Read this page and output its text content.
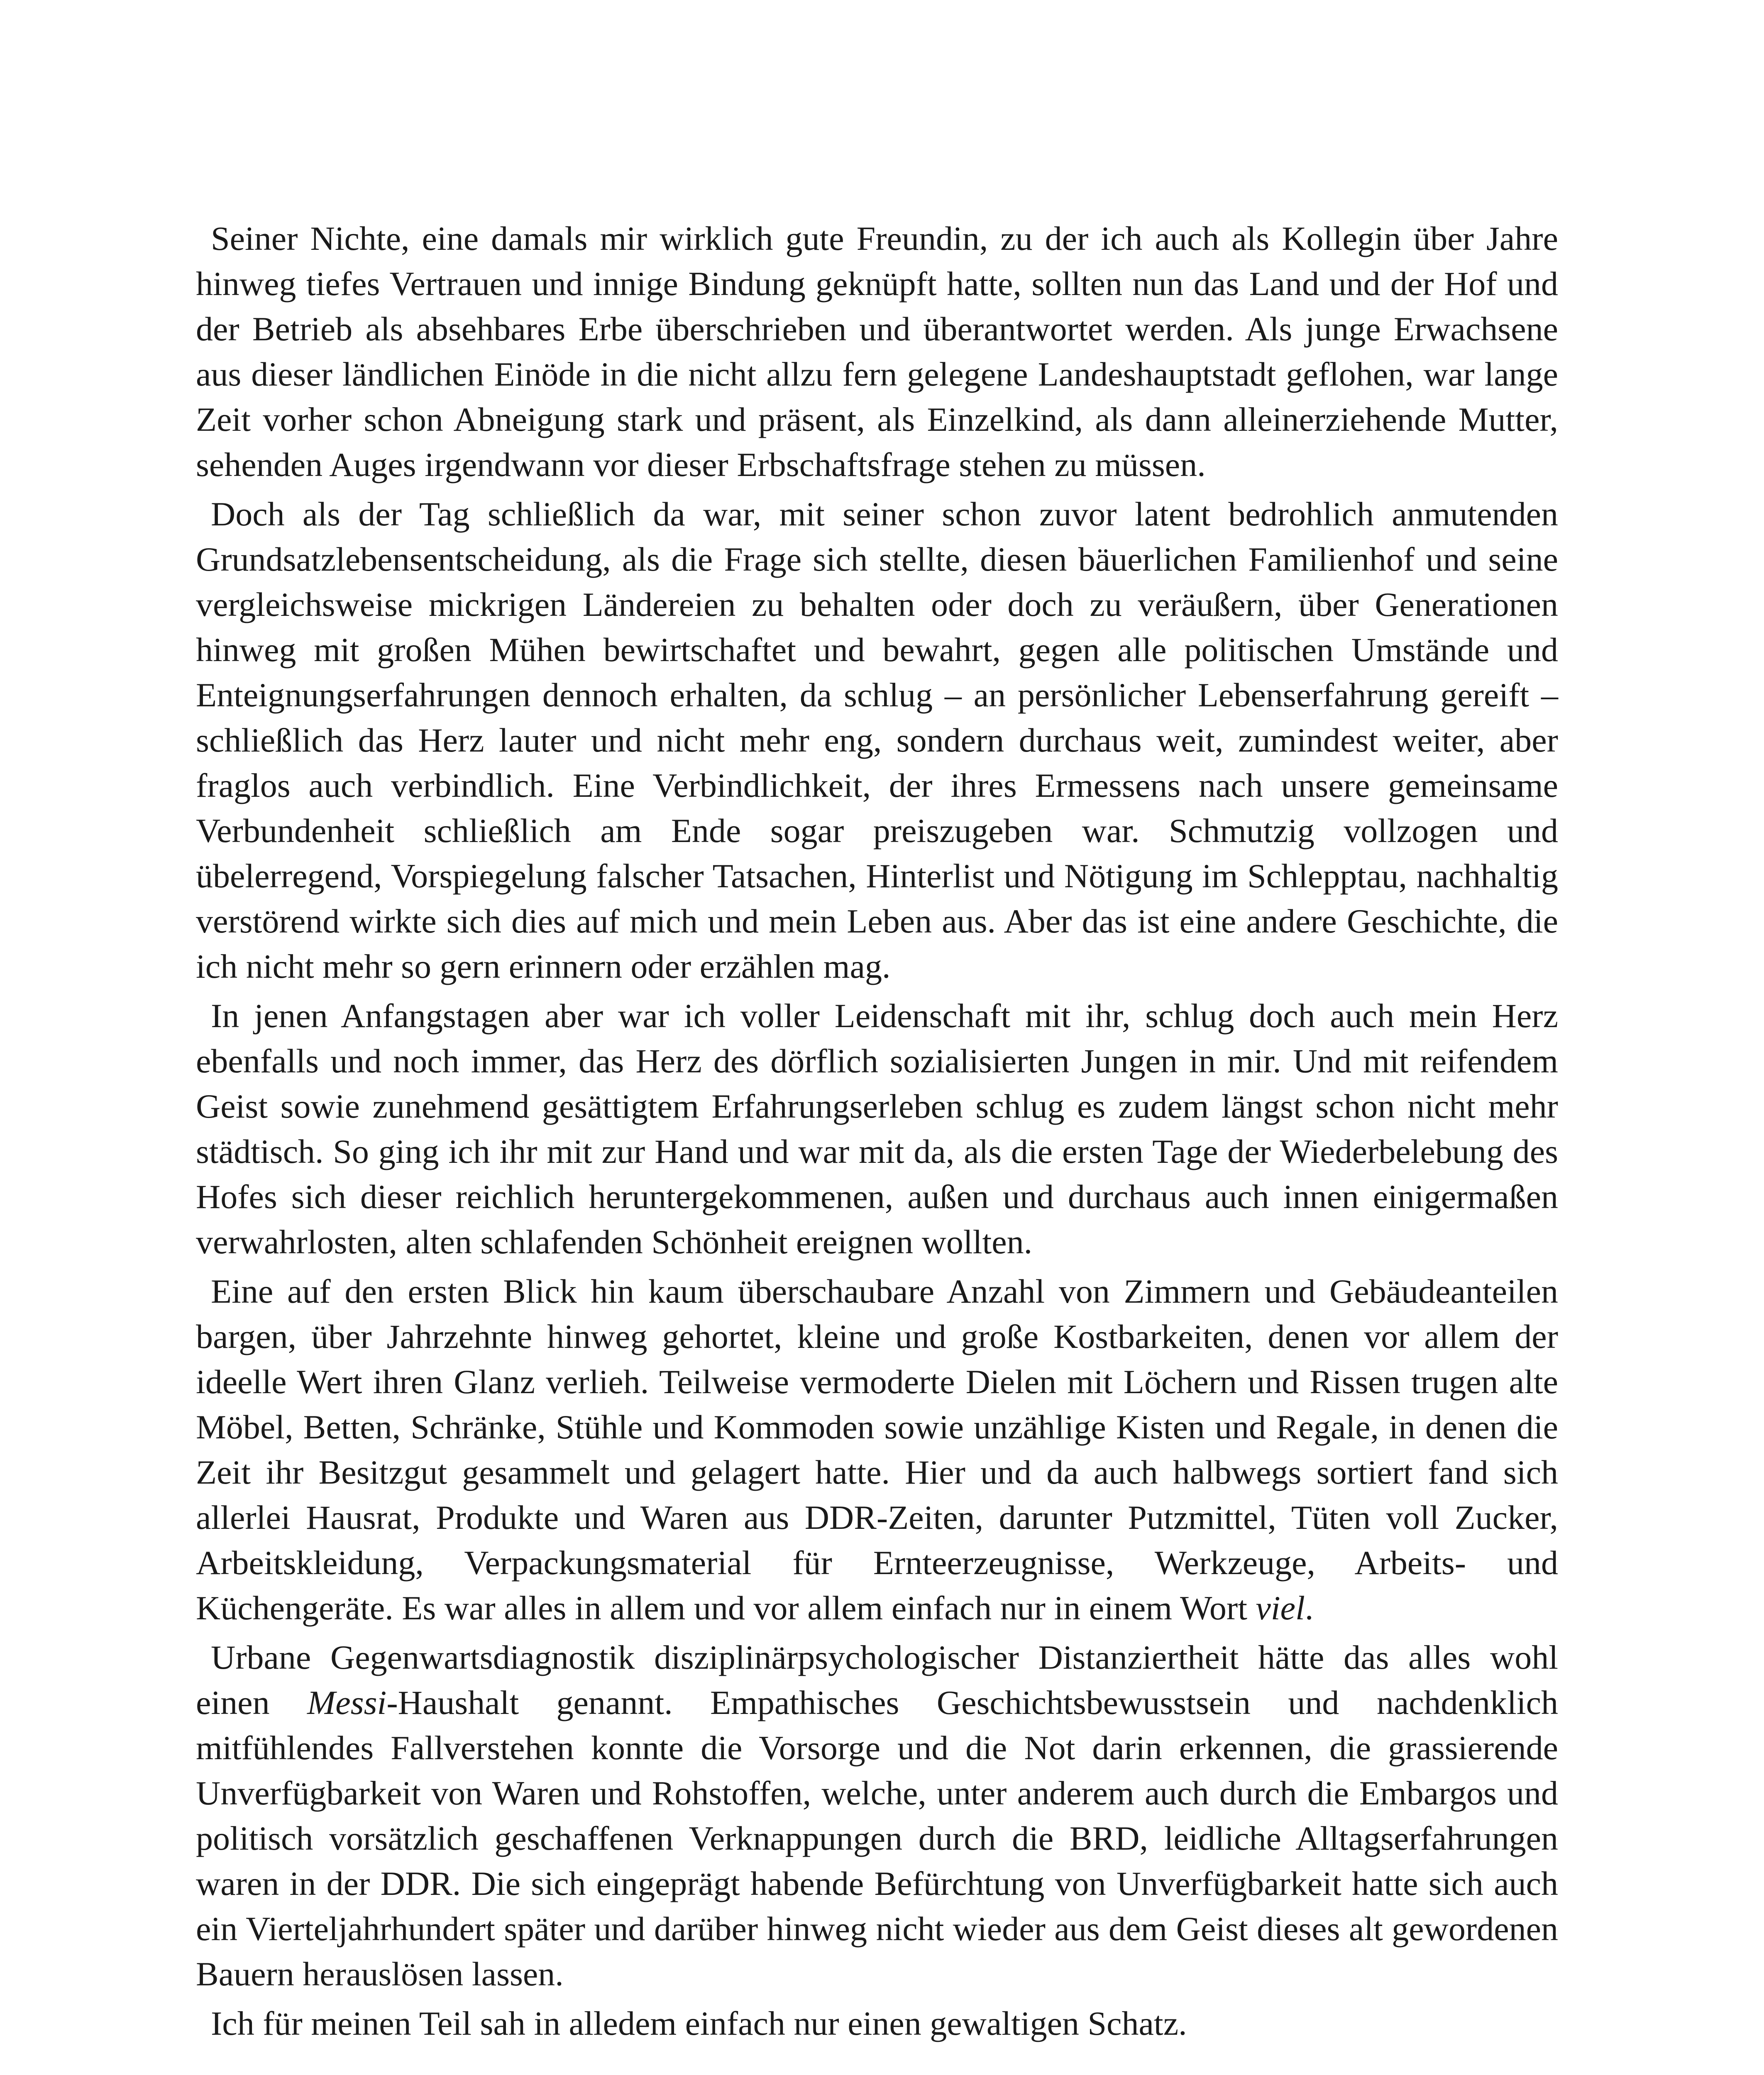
Seiner Nichte, eine damals mir wirklich gute Freundin, zu der ich auch als Kollegin über Jahre hinweg tiefes Vertrauen und innige Bindung geknüpft hatte, sollten nun das Land und der Hof und der Betrieb als absehbares Erbe überschrieben und überantwortet werden. Als junge Erwachsene aus dieser ländlichen Einöde in die nicht allzu fern gelegene Landeshauptstadt geflohen, war lange Zeit vorher schon Abneigung stark und präsent, als Einzelkind, als dann alleinerziehende Mutter, sehenden Auges irgendwann vor dieser Erbschaftsfrage stehen zu müssen.

Doch als der Tag schließlich da war, mit seiner schon zuvor latent bedrohlich anmutenden Grundsatzlebensentscheidung, als die Frage sich stellte, diesen bäuerlichen Familienhof und seine vergleichsweise mickrigen Ländereien zu behalten oder doch zu veräußern, über Generationen hinweg mit großen Mühen bewirtschaftet und bewahrt, gegen alle politischen Umstände und Enteignungserfahrungen dennoch erhalten, da schlug – an persönlicher Lebenserfahrung gereift – schließlich das Herz lauter und nicht mehr eng, sondern durchaus weit, zumindest weiter, aber fraglos auch verbindlich. Eine Verbindlichkeit, der ihres Ermessens nach unsere gemeinsame Verbundenheit schließlich am Ende sogar preiszugeben war. Schmutzig vollzogen und übelerregend, Vorspiegelung falscher Tatsachen, Hinterlist und Nötigung im Schlepptau, nachhaltig verstörend wirkte sich dies auf mich und mein Leben aus. Aber das ist eine andere Geschichte, die ich nicht mehr so gern erinnern oder erzählen mag.

In jenen Anfangstagen aber war ich voller Leidenschaft mit ihr, schlug doch auch mein Herz ebenfalls und noch immer, das Herz des dörflich sozialisierten Jungen in mir. Und mit reifendem Geist sowie zunehmend gesättigtem Erfahrungserleben schlug es zudem längst schon nicht mehr städtisch. So ging ich ihr mit zur Hand und war mit da, als die ersten Tage der Wiederbelebung des Hofes sich dieser reichlich heruntergekommenen, außen und durchaus auch innen einigermaßen verwahrlosten, alten schlafenden Schönheit ereignen wollten.

Eine auf den ersten Blick hin kaum überschaubare Anzahl von Zimmern und Gebäudeanteilen bargen, über Jahrzehnte hinweg gehortet, kleine und große Kostbarkeiten, denen vor allem der ideelle Wert ihren Glanz verlieh. Teilweise vermoderte Dielen mit Löchern und Rissen trugen alte Möbel, Betten, Schränke, Stühle und Kommoden sowie unzählige Kisten und Regale, in denen die Zeit ihr Besitzgut gesammelt und gelagert hatte. Hier und da auch halbwegs sortiert fand sich allerlei Hausrat, Produkte und Waren aus DDR-Zeiten, darunter Putzmittel, Tüten voll Zucker, Arbeitskleidung, Verpackungsmaterial für Ernteerzeugnisse, Werkzeuge, Arbeits- und Küchengeräte. Es war alles in allem und vor allem einfach nur in einem Wort viel.

Urbane Gegenwartsdiagnostik disziplinärpsychologischer Distanziertheit hätte das alles wohl einen Messi-Haushalt genannt. Empathisches Geschichtsbewusstsein und nachdenklich mitfühlendes Fallverstehen konnte die Vorsorge und die Not darin erkennen, die grassierende Unverfügbarkeit von Waren und Rohstoffen, welche, unter anderem auch durch die Embargos und politisch vorsätzlich geschaffenen Verknappungen durch die BRD, leidliche Alltagserfahrungen waren in der DDR. Die sich eingeprägt habende Befürchtung von Unverfügbarkeit hatte sich auch ein Vierteljahrhundert später und darüber hinweg nicht wieder aus dem Geist dieses alt gewordenen Bauern herauslösen lassen.

Ich für meinen Teil sah in alledem einfach nur einen gewaltigen Schatz.
